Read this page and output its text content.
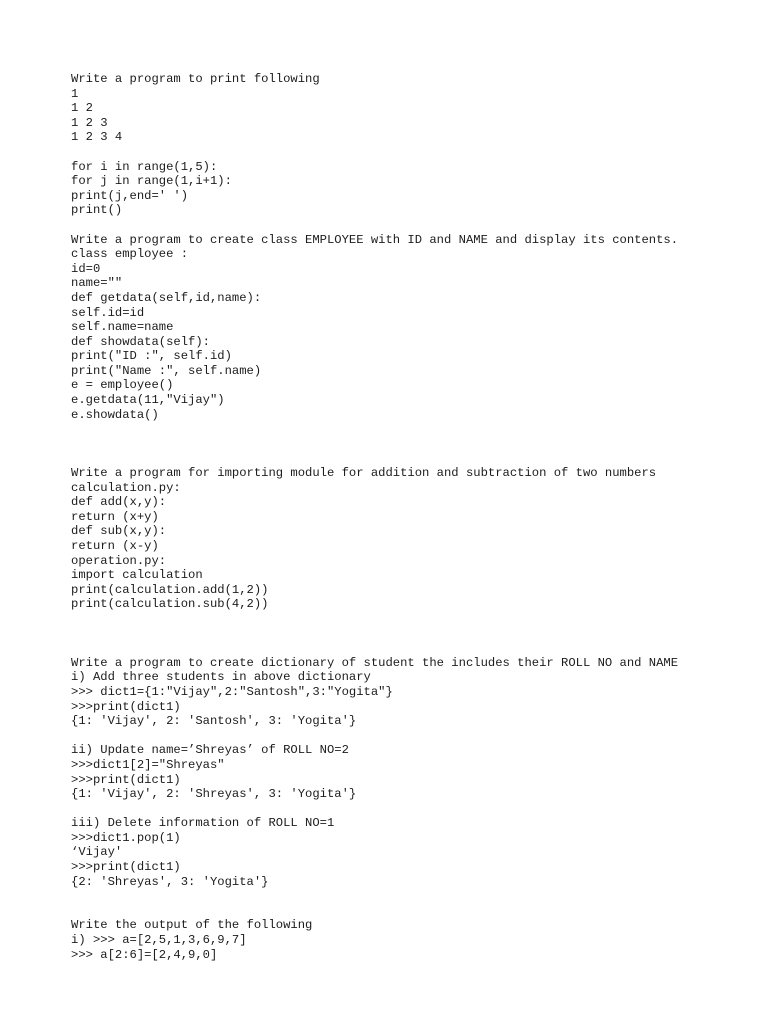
Write a program to print following
1
1 2
1 2 3
1 2 3 4
for i in range(1,5):
for j in range(1,i+1):
print(j,end=' ')
print()
Write a program to create class EMPLOYEE with ID and NAME and display its contents.
class employee :
id=0
name=""
def getdata(self,id,name):
self.id=id
self.name=name
def showdata(self):
print("ID :", self.id)
print("Name :", self.name)
e = employee()
e.getdata(11,"Vijay")
e.showdata()
Write a program for importing module for addition and subtraction of two numbers
calculation.py:
def add(x,y):
return (x+y)
def sub(x,y):
return (x-y)
operation.py:
import calculation
print(calculation.add(1,2))
print(calculation.sub(4,2))
Write a program to create dictionary of student the includes their ROLL NO and NAME
i) Add three students in above dictionary
>>> dict1={1:"Vijay",2:"Santosh",3:"Yogita"}
>>>print(dict1)
{1: 'Vijay', 2: 'Santosh', 3: 'Yogita'}
ii) Update name=’Shreyas’ of ROLL NO=2
>>>dict1[2]="Shreyas"
>>>print(dict1)
{1: 'Vijay', 2: 'Shreyas', 3: 'Yogita'}
iii) Delete information of ROLL NO=1
>>>dict1.pop(1)
‘Vijay'
>>>print(dict1)
{2: 'Shreyas', 3: 'Yogita'}
Write the output of the following
i) >>> a=[2,5,1,3,6,9,7]
>>> a[2:6]=[2,4,9,0]
